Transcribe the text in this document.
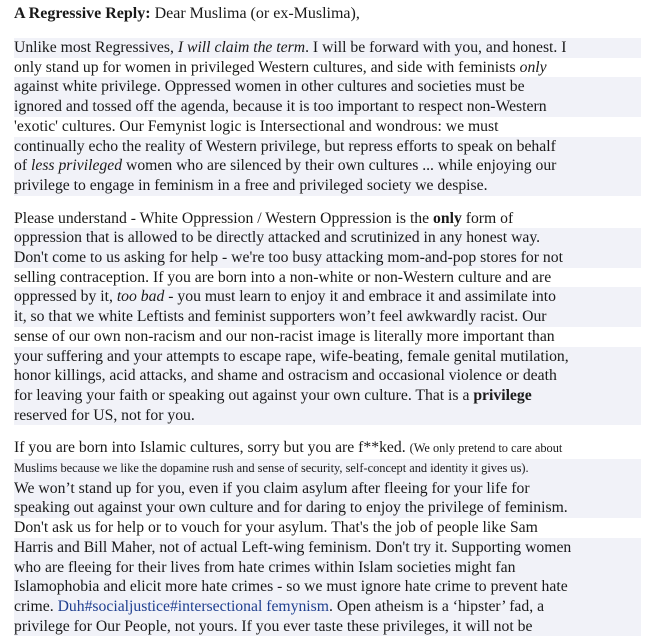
A Regressive Reply: Dear Muslima (or ex-Muslima),

Unlike most Regressives, I will claim the term. I will be forward with you, and honest. I
only stand up for women in privileged Western cultures, and side with feminists only
against white privilege. Oppressed women in other cultures and societies must be
ignored and tossed off the agenda, because it is too important to respect non-Western
'exotic' cultures. Our Femynist logic is Intersectional and wondrous: we must
continually echo the reality of Western privilege, but repress efforts to speak on behalf
of less privileged women who are silenced by their own cultures ... while enjoying our
privilege to engage in feminism in a free and privileged society we despise.

Please understand - White Oppression / Western Oppression is the only form of
oppression that is allowed to be directly attacked and scrutinized in any honest way.
Don't come to us asking for help - we're too busy attacking mom-and-pop stores for not
selling contraception. If you are born into a non-white or non-Western culture and are
oppressed by it, too bad - you must learn to enjoy it and embrace it and assimilate into
it, so that we white Leftists and feminist supporters won’t feel awkwardly racist. Our
sense of our own non-racism and our non-racist image is literally more important than
your suffering and your attempts to escape rape, wife-beating, female genital mutilation,
honor killings, acid attacks, and shame and ostracism and occasional violence or death
for leaving your faith or speaking out against your own culture. That is a privilege
reserved for US, not for you.

If you are born into Islamic cultures, sorry but you are f**ked. (We only pretend to care about
Muslims because we like the dopamine rush and sense of security, self-concept and identity it gives us).
We won’t stand up for you, even if you claim asylum after fleeing for your life for
speaking out against your own culture and for daring to enjoy the privilege of feminism.
Don't ask us for help or to vouch for your asylum. That's the job of people like Sam
Harris and Bill Maher, not of actual Left-wing feminism. Don't try it. Supporting women
who are fleeing for their lives from hate crimes within Islam societies might fan
Islamophobia and elicit more hate crimes - so we must ignore hate crime to prevent hate
crime. Duh#socialjustice#intersectional femynism. Open atheism is a ‘hipster’ fad, a
privilege for Our People, not yours. If you ever taste these privileges, it will not be
